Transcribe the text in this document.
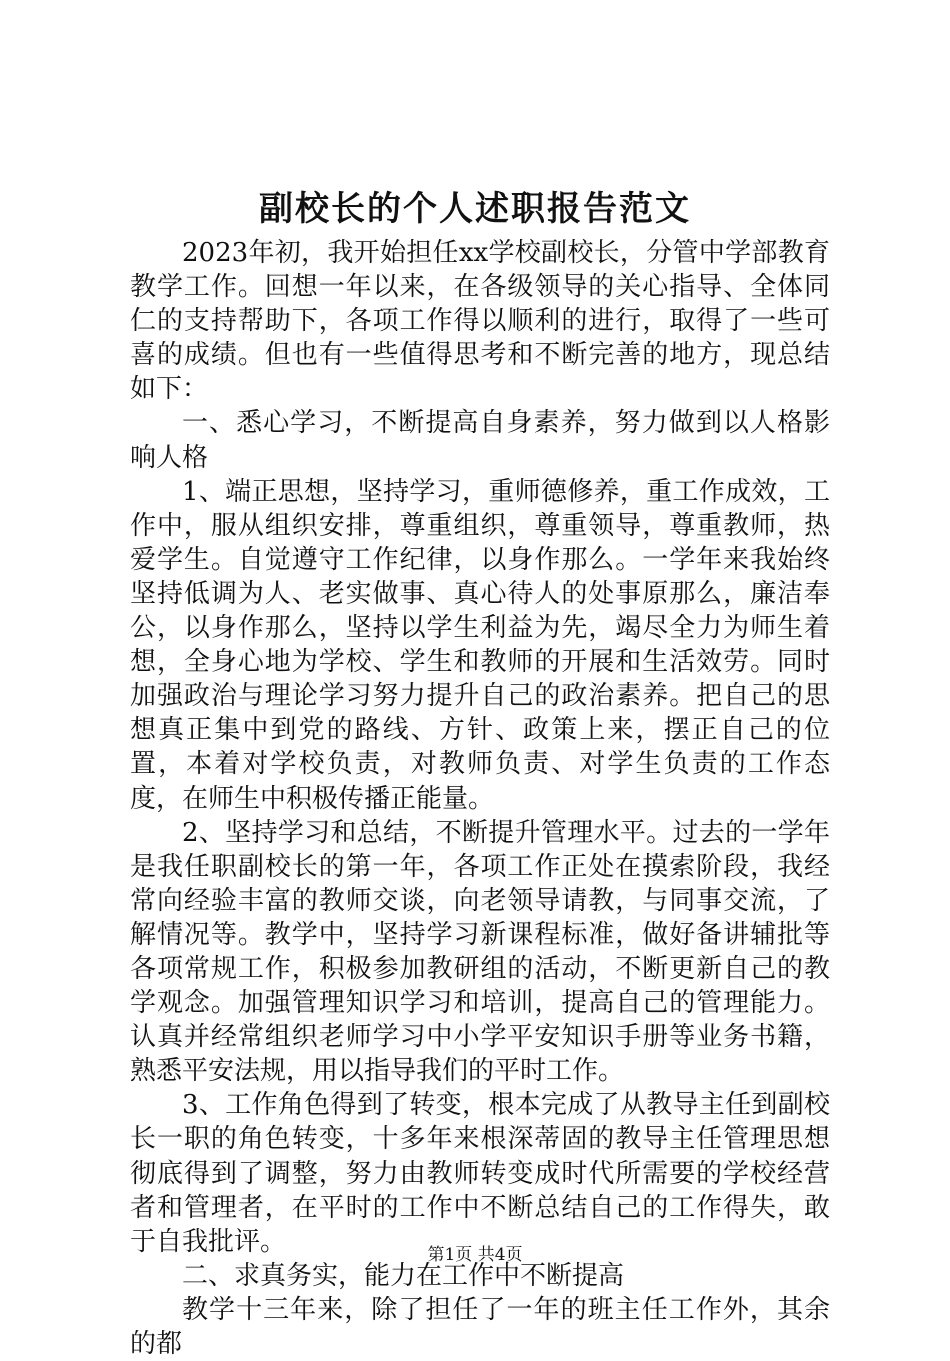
副校长的个人述职报告范文

2023年初，我开始担任xx学校副校长，分管中学部教育教学工作。回想一年以来，在各级领导的关心指导、全体同仁的支持帮助下，各项工作得以顺利的进行，取得了一些可喜的成绩。但也有一些值得思考和不断完善的地方，现总结如下：

一、悉心学习，不断提高自身素养，努力做到以人格影响人格

1、端正思想，坚持学习，重师德修养，重工作成效，工作中，服从组织安排，尊重组织，尊重领导，尊重教师，热爱学生。自觉遵守工作纪律，以身作那么。一学年来我始终坚持低调为人、老实做事、真心待人的处事原那么，廉洁奉公，以身作那么，坚持以学生利益为先，竭尽全力为师生着想，全身心地为学校、学生和教师的开展和生活效劳。同时加强政治与理论学习努力提升自己的政治素养。把自己的思想真正集中到党的路线、方针、政策上来，摆正自己的位置，本着对学校负责，对教师负责、对学生负责的工作态度，在师生中积极传播正能量。

2、坚持学习和总结，不断提升管理水平。过去的一学年是我任职副校长的第一年，各项工作正处在摸索阶段，我经常向经验丰富的教师交谈，向老领导请教，与同事交流，了解情况等。教学中，坚持学习新课程标准，做好备讲辅批等各项常规工作，积极参加教研组的活动，不断更新自己的教学观念。加强管理知识学习和培训，提高自己的管理能力。认真并经常组织老师学习中小学平安知识手册等业务书籍，熟悉平安法规，用以指导我们的平时工作。

3、工作角色得到了转变，根本完成了从教导主任到副校长一职的角色转变，十多年来根深蒂固的教导主任管理思想彻底得到了调整，努力由教师转变成时代所需要的学校经营者和管理者，在平时的工作中不断总结自己的工作得失，敢于自我批评。

二、求真务实，能力在工作中不断提高

教学十三年来，除了担任了一年的班主任工作外，其余的都

第1页 共4页
